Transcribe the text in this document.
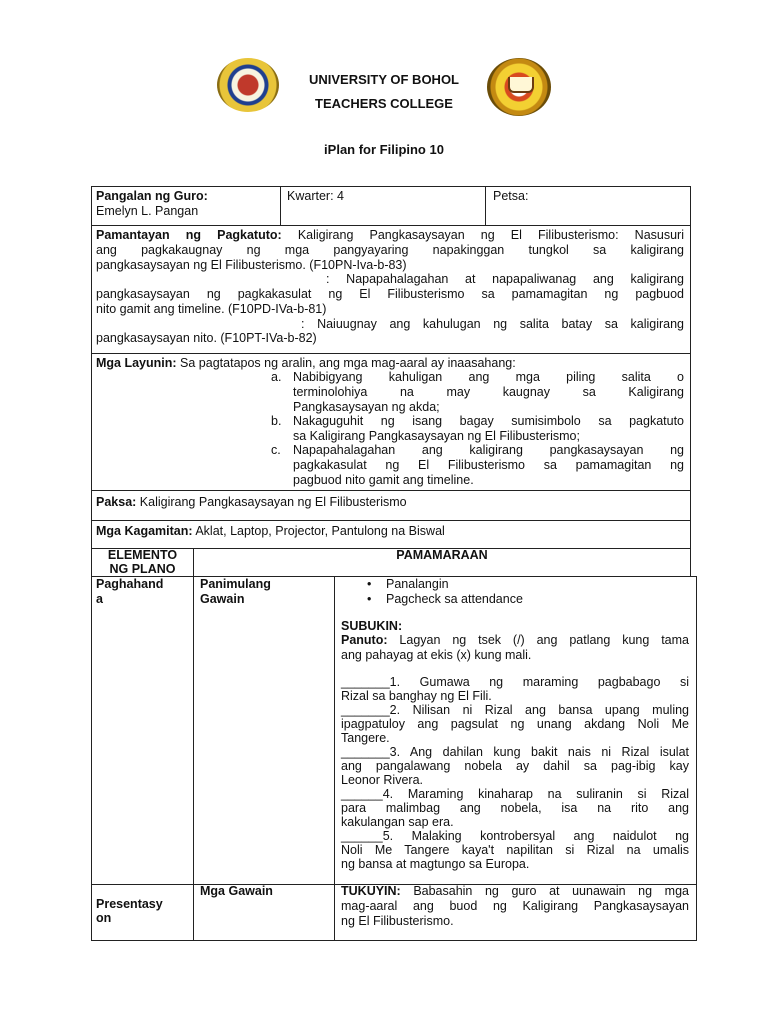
UNIVERSITY OF BOHOL
TEACHERS COLLEGE
iPlan for Filipino 10
Pangalan ng Guro:
Emelyn L. Pangan
Kwarter: 4	Petsa:
Pamantayan ng Pagkatuto: Kaligirang Pangkasaysayan ng El Filibusterismo: Nasusuri
ang pagkakaugnay ng mga pangyayaring napakinggan tungkol sa kaligirang
pangkasaysayan ng El Filibusterismo. (F10PN-Iva-b-83)
: Napapahalagahan at napapaliwanag ang kaligirang
pangkasaysayan ng pagkakasulat ng El Filibusterismo sa pamamagitan ng pagbuod
nito gamit ang timeline. (F10PD-IVa-b-81)
: Naiuugnay ang kahulugan ng salita batay sa kaligirang
pangkasaysayan nito. (F10PT-IVa-b-82)
Mga Layunin: Sa pagtatapos ng aralin, ang mga mag-aaral ay inaasahang:
a. Nabibigyang kahuligan ang mga piling salita o
terminolohiya na may kaugnay sa Kaligirang
Pangkasaysayan ng akda;
b. Nakaguguhit ng isang bagay sumisimbolo sa pagkatuto
sa Kaligirang Pangkasaysayan ng El Filibusterismo;
c. Napapahalagahan ang kaligirang pangkasaysayan ng
pagkakasulat ng El Filibusterismo sa pamamagitan ng
pagbuod nito gamit ang timeline.
Paksa: Kaligirang Pangkasaysayan ng El Filibusterismo
Mga Kagamitan: Aklat, Laptop, Projector, Pantulong na Biswal
ELEMENTO
NG PLANO
PAMAMARAAN
Paghahand
a
Panimulang
Gawain
• Panalangin
• Pagcheck sa attendance
SUBUKIN:
Panuto: Lagyan ng tsek (/) ang patlang kung tama
ang pahayag at ekis (x) kung mali.
_______1. Gumawa ng maraming pagbabago si
Rizal sa banghay ng El Fili.
_______2. Nilisan ni Rizal ang bansa upang muling
ipagpatuloy ang pagsulat ng unang akdang Noli Me
Tangere.
_______3. Ang dahilan kung bakit nais ni Rizal isulat
ang pangalawang nobela ay dahil sa pag-ibig kay
Leonor Rivera.
______4. Maraming kinaharap na suliranin si Rizal
para malimbag ang nobela, isa na rito ang
kakulangan sap era.
______5. Malaking kontrobersyal ang naidulot ng
Noli Me Tangere kaya't napilitan si Rizal na umalis
ng bansa at magtungo sa Europa.
Presentasy
on
Mga Gawain	TUKUYIN: Babasahin ng guro at uunawain ng mga
mag-aaral ang buod ng Kaligirang Pangkasaysayan
ng El Filibusterismo.
